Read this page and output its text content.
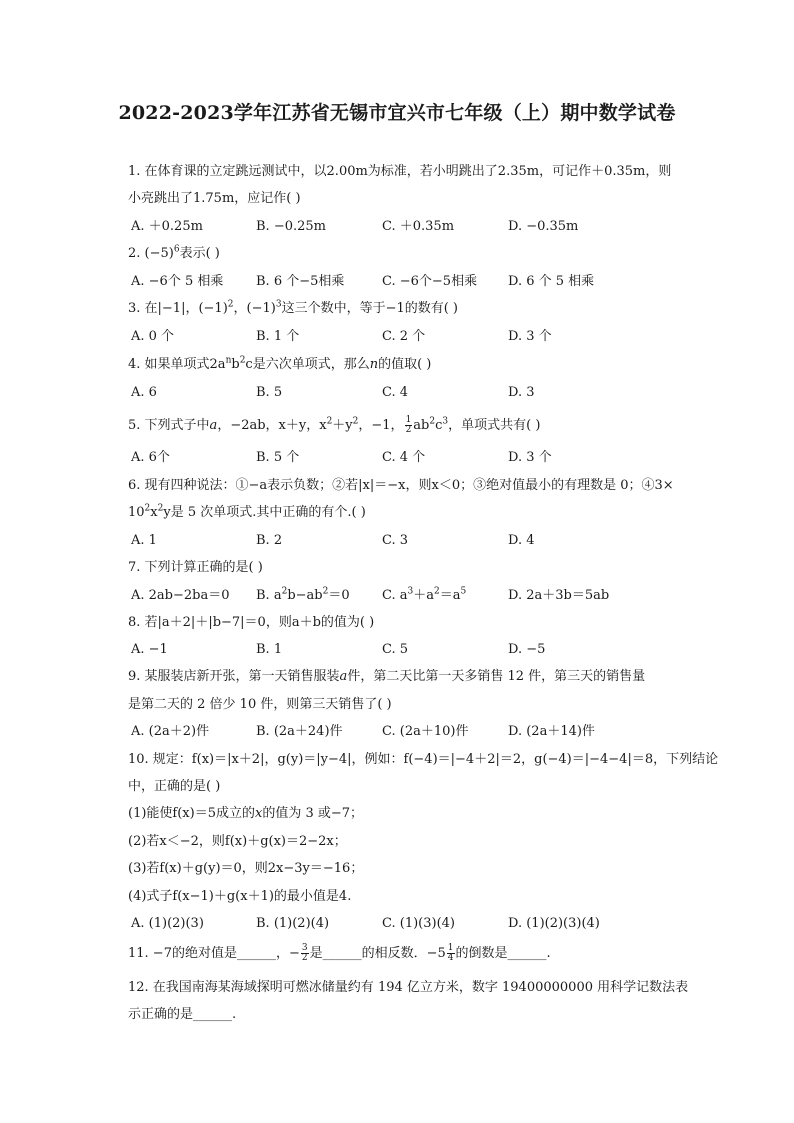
2022-2023学年江苏省无锡市宜兴市七年级（上）期中数学试卷
1. 在体育课的立定跳远测试中，以2.00m为标准，若小明跳出了2.35m，可记作＋0.35m，则
小亮跳出了1.75m，应记作( )
A. ＋0.25m	B. −0.25m	C. ＋0.35m	D. −0.35m
2. $(-5)^6$表示( )
A. −6个 5 相乘	B. 6 个−5相乘	C. −6个−5相乘 D. 6 个 5 相乘
3. 在|−1|，$(-1)^2$，$(-1)^3$这三个数中，等于−1的数有( )
A. 0 个	B. 1 个	C. 2 个	D. 3 个
4. 如果单项式$2a^nb^2c$是六次单项式，那么n的值取( )
A. 6	B. 5	C. 4	D. 3
5. 下列式子中a，−2ab，x＋y，$x^2+y^2$，−1， $\frac{1}{2} ab^2c^3$，单项式共有( )
A. 6个	B. 5 个	C. 4 个	D. 3 个
6. 现有四种说法：①−a表示负数；②若|x|＝−x，则x＜0；③绝对值最小的有理数是 0；④3×
$10^2x^2y$是 5 次单项式.其中正确的有个.( )
A. 1	B. 2	C. 3	D. 4
7. 下列计算正确的是( )
A. 2ab−2ba＝0 B. $a^2b-ab^2=0$ C. $a^3+a^2=a^5$	D. 2a＋3b＝5ab
8. 若|a＋2|＋|b−7|＝0，则a＋b的值为( )
A. −1	B. 1	C. 5	D. −5
9. 某服装店新开张，第一天销售服装a件，第二天比第一天多销售 12 件，第三天的销售量
是第二天的 2 倍少 10 件，则第三天销售了( )
A. (2a＋2)件	B. (2a＋24)件	C. (2a＋10)件	D. (2a＋14)件
10. 规定：f(x)＝|x＋2|，g(y)＝|y−4|，例如：f(−4)＝|−4＋2|＝2，g(−4)＝|−4−4|＝8，下列结论
中，正确的是( )
(1)能使f(x)＝5成立的x的值为 3 或−7；
(2)若x＜−2，则f(x)＋g(x)＝2−2x；
(3)若f(x)＋g(y)＝0，则2x−3y＝−16；
(4)式子f(x−1)＋g(x＋1)的最小值是4.
A. (1)(2)(3)	B. (1)(2)(4)	C. (1)(3)(4)	D. (1)(2)(3)(4)
11. −7的绝对值是______，− $\frac{3}{2}$ 是______的相反数．$-5 \frac{1}{4}$ 的倒数是______.
12. 在我国南海某海域探明可燃冰储量约有 194 亿立方米，数字 19400000000 用科学记数法表
示正确的是______.
